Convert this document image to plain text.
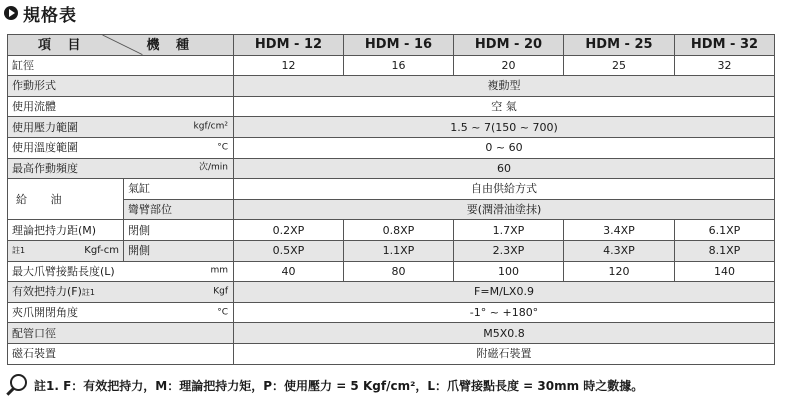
規格表
項 目 機 種		HDM - 12	HDM - 16	HDM - 20	HDM - 25	HDM - 32
缸徑		12	16	20	25	32
作動形式		複動型				
使用流體		空 氣				
使用壓力範圍 kgf/cm²		1.5 ~ 7(150 ~ 700)				
使用溫度範圍 °C		0 ~ 60				
最高作動頻度 次/min		60				
給 油	氣缸	自由供給方式				
	彎臂部位	要(潤滑油塗抹)				
理論把持力距(M)	閉側	0.2XP	0.8XP	1.7XP	3.4XP	6.1XP

註1 Kgf-cm	開側	0.5XP	1.1XP	2.3XP	4.3XP	8.1XP
最大爪臂接點長度(L) mm		40	80	100	120	140
有效把持力(F)註1 Kgf		F=M/LX0.9				
夾爪開閉角度 °C		-1° ~ +180°				
配管口徑		M5X0.8				
磁石裝置		附磁石裝置				
註1. F：有效把持力，M：理論把持力矩，P：使用壓力 = 5 Kgf/cm²，L：爪臂接點長度 = 30mm 時之數據。
